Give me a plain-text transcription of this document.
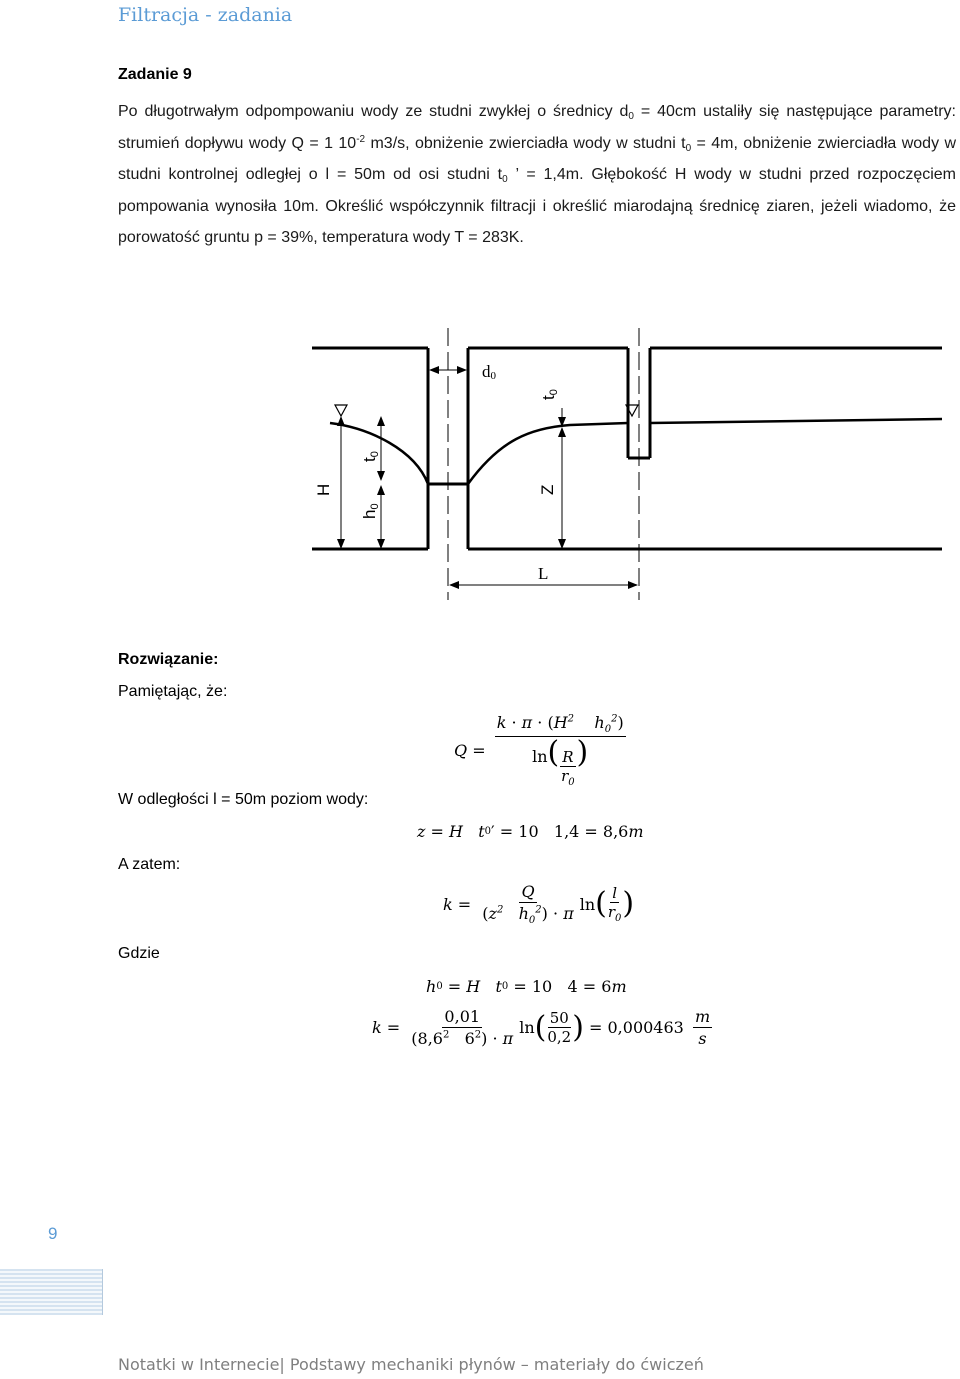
Filtracja - zadania
Zadanie 9
Po długotrwałym odpompowaniu wody ze studni zwykłej o średnicy $d_0 = 40cm$ ustaliły się następujące parametry: strumień dopływu wody Q = 1 $10^{-2}$ m3/s, obniżenie zwierciadła wody w studni $t_0 = 4m$, obniżenie zwierciadła wody w studni kontrolnej odległej o l = 50m od osi studni $t_0$ ’ = 1,4m. Głębokość H wody w studni przed rozpoczęciem pompowania wynosiła 10m. Określić współczynnik filtracji i określić miarodajną średnicę ziaren, jeżeli wiadomo, że porowatość gruntu p = 39%, temperatura wody T = 283K.
d0
t0
H
t0
h0
Z
L
Rozwiązanie:
Pamiętając, że:
W odległości l = 50m poziom wody:
A zatem:
Gdzie
$Q = \frac{k \cdot \pi \cdot (H^2 h_0^2)}{\ln( \frac{R}{r_0} )}$
z = H
t 0 ′ = 10   1,4 = 8,6 m
$k = \frac{Q}{(z^2 h_0^2) \cdot \pi}$ ln ( $\frac{l}{r_0}$ )
h 0 = H
t 0 = 10   4 = 6 m
$k = \frac{0,01}{(8,6^2 6^2) \cdot \pi}$ ln ( $\frac{50}{0,2}$ ) = $0,000463 \frac{m}{s}$
9
Notatki w Internecie| Podstawy mechaniki płynów – materiały do ćwiczeń
